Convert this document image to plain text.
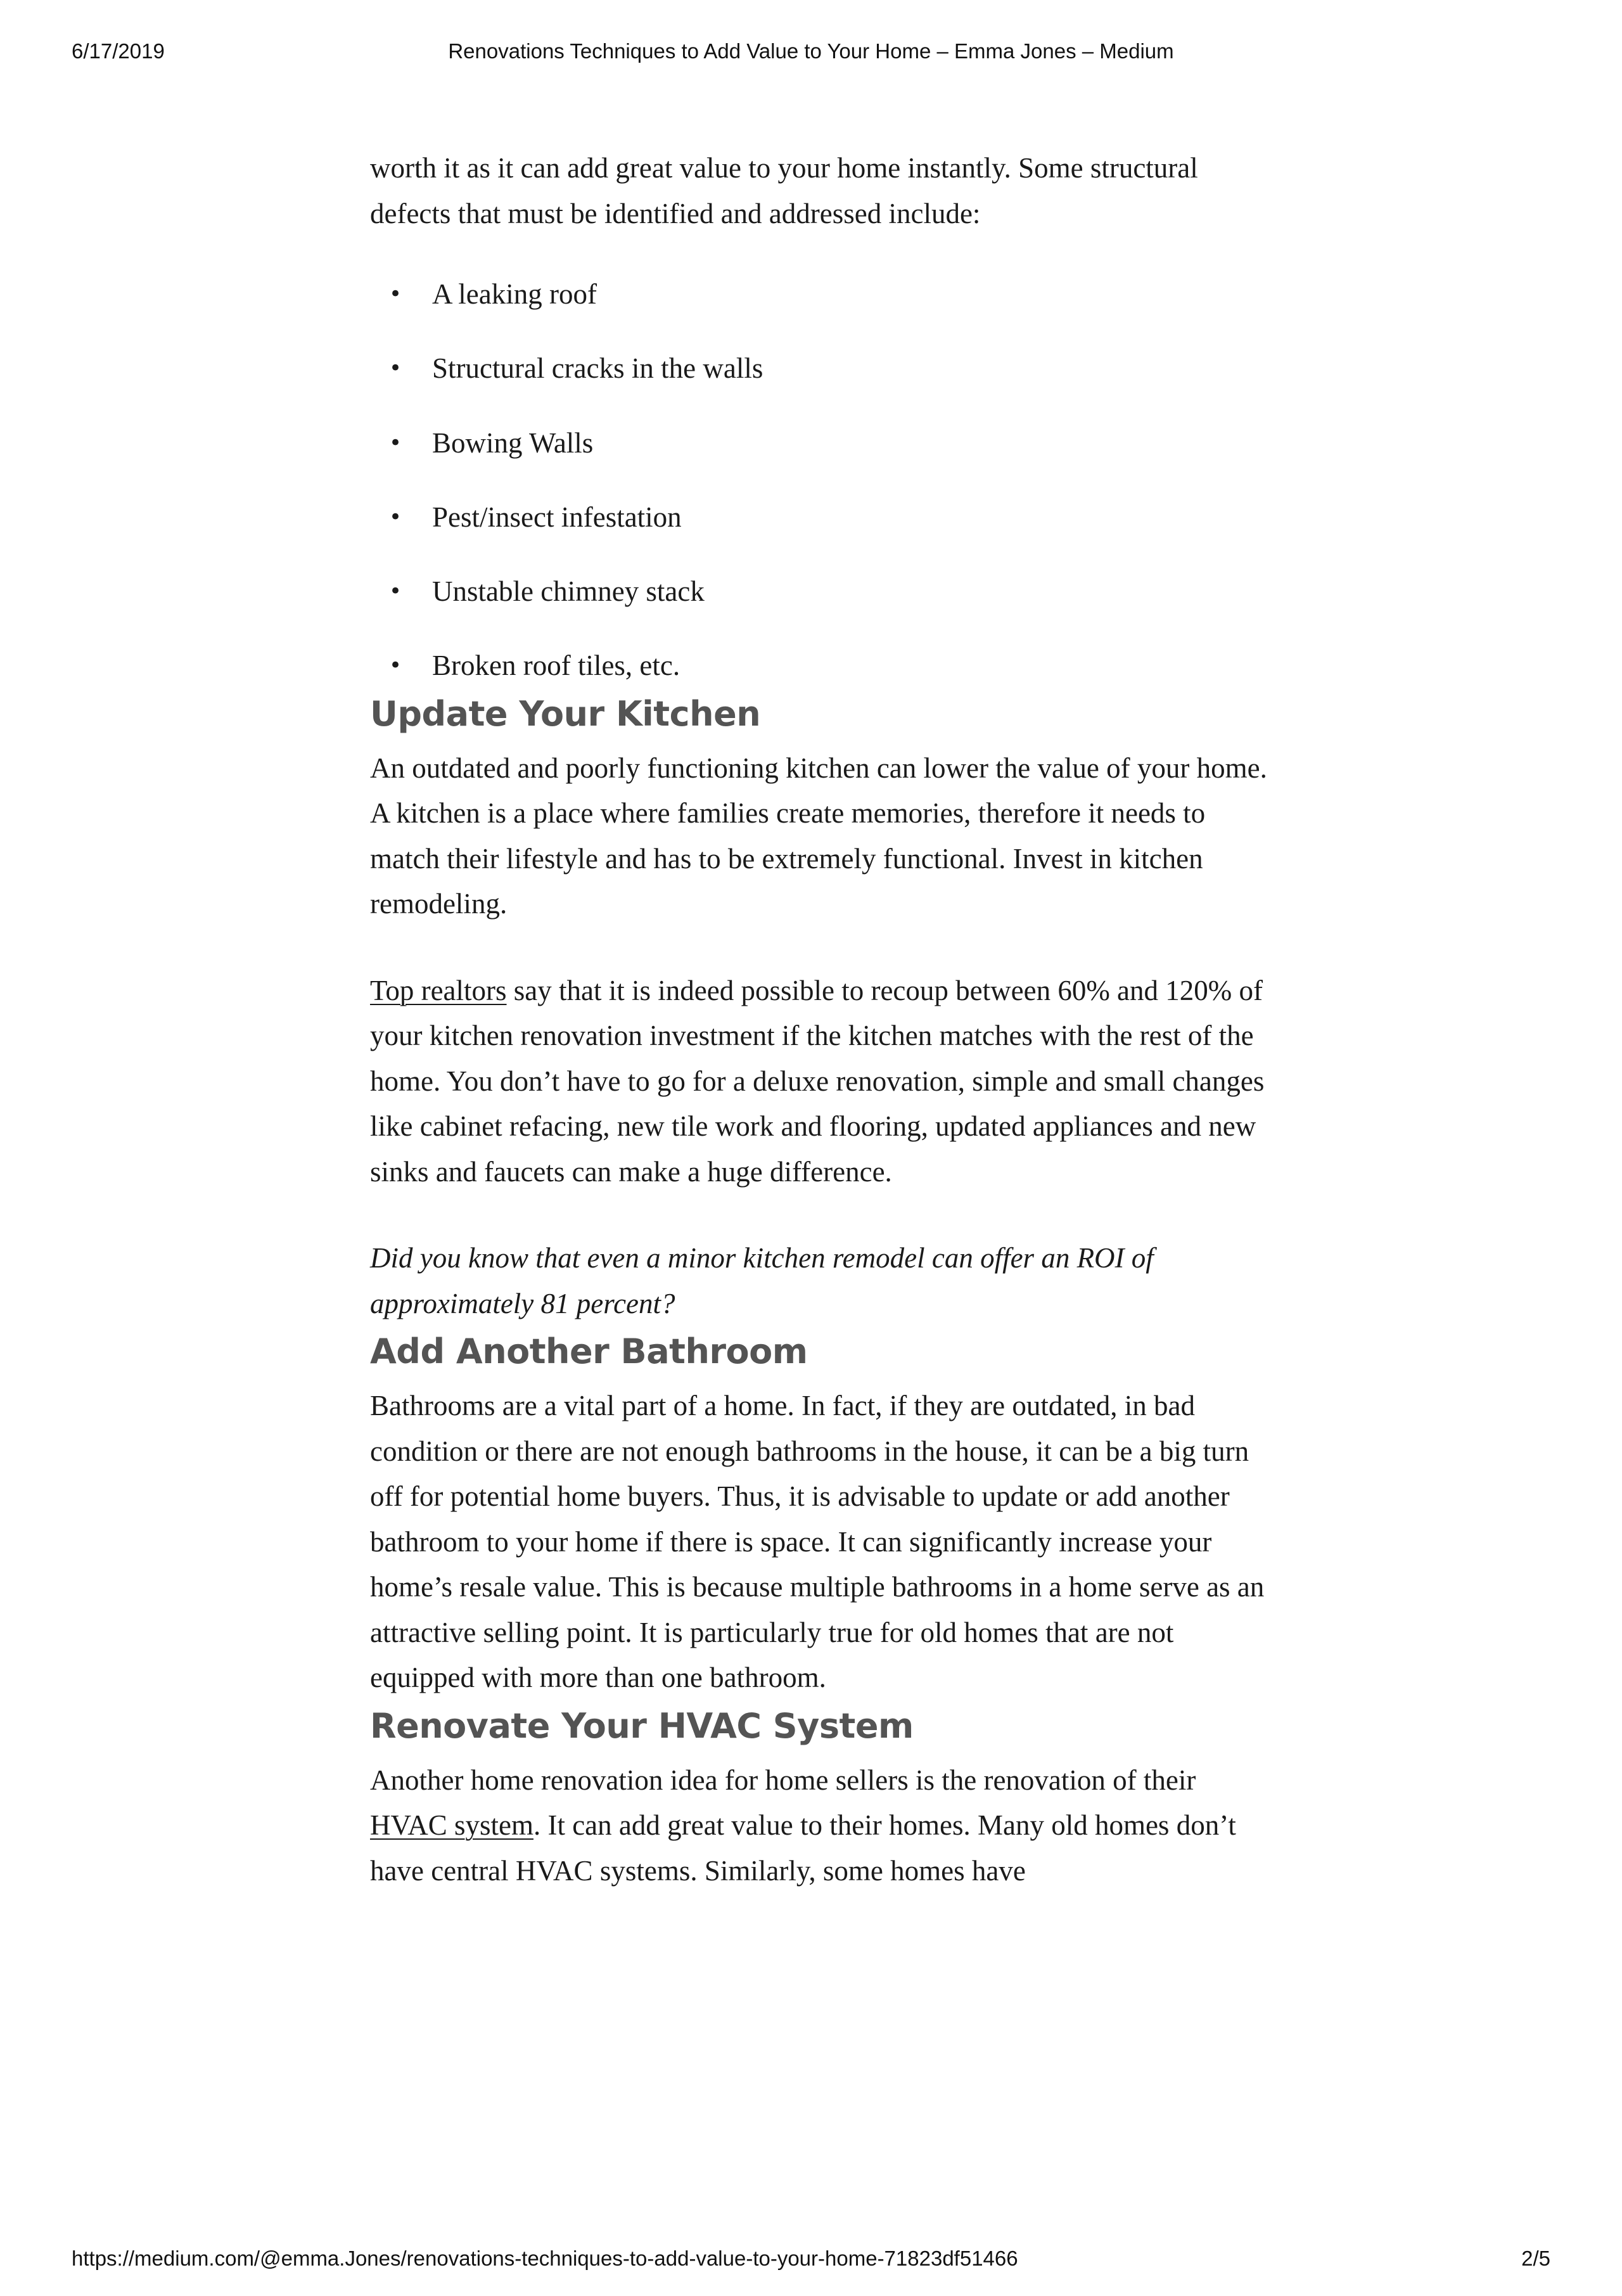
6/17/2019	Renovations Techniques to Add Value to Your Home – Emma Jones – Medium

worth it as it can add great value to your home instantly. Some structural defects that must be identified and addressed include:

• A leaking roof
• Structural cracks in the walls
• Bowing Walls
• Pest/insect infestation
• Unstable chimney stack
• Broken roof tiles, etc.
Update Your Kitchen

An outdated and poorly functioning kitchen can lower the value of your home. A kitchen is a place where families create memories, therefore it needs to match their lifestyle and has to be extremely functional. Invest in kitchen remodeling.

Top realtors say that it is indeed possible to recoup between 60% and 120% of your kitchen renovation investment if the kitchen matches with the rest of the home. You don’t have to go for a deluxe renovation, simple and small changes like cabinet refacing, new tile work and flooring, updated appliances and new sinks and faucets can make a huge difference.

Did you know that even a minor kitchen remodel can offer an ROI of approximately 81 percent?

Add Another Bathroom

Bathrooms are a vital part of a home. In fact, if they are outdated, in bad condition or there are not enough bathrooms in the house, it can be a big turn off for potential home buyers. Thus, it is advisable to update or add another bathroom to your home if there is space. It can significantly increase your home’s resale value. This is because multiple bathrooms in a home serve as an attractive selling point. It is particularly true for old homes that are not equipped with more than one bathroom.

Renovate Your HVAC System

Another home renovation idea for home sellers is the renovation of their HVAC system. It can add great value to their homes. Many old homes don’t have central HVAC systems. Similarly, some homes have

https://medium.com/@emma.Jones/renovations-techniques-to-add-value-to-your-home-71823df51466	2/5
